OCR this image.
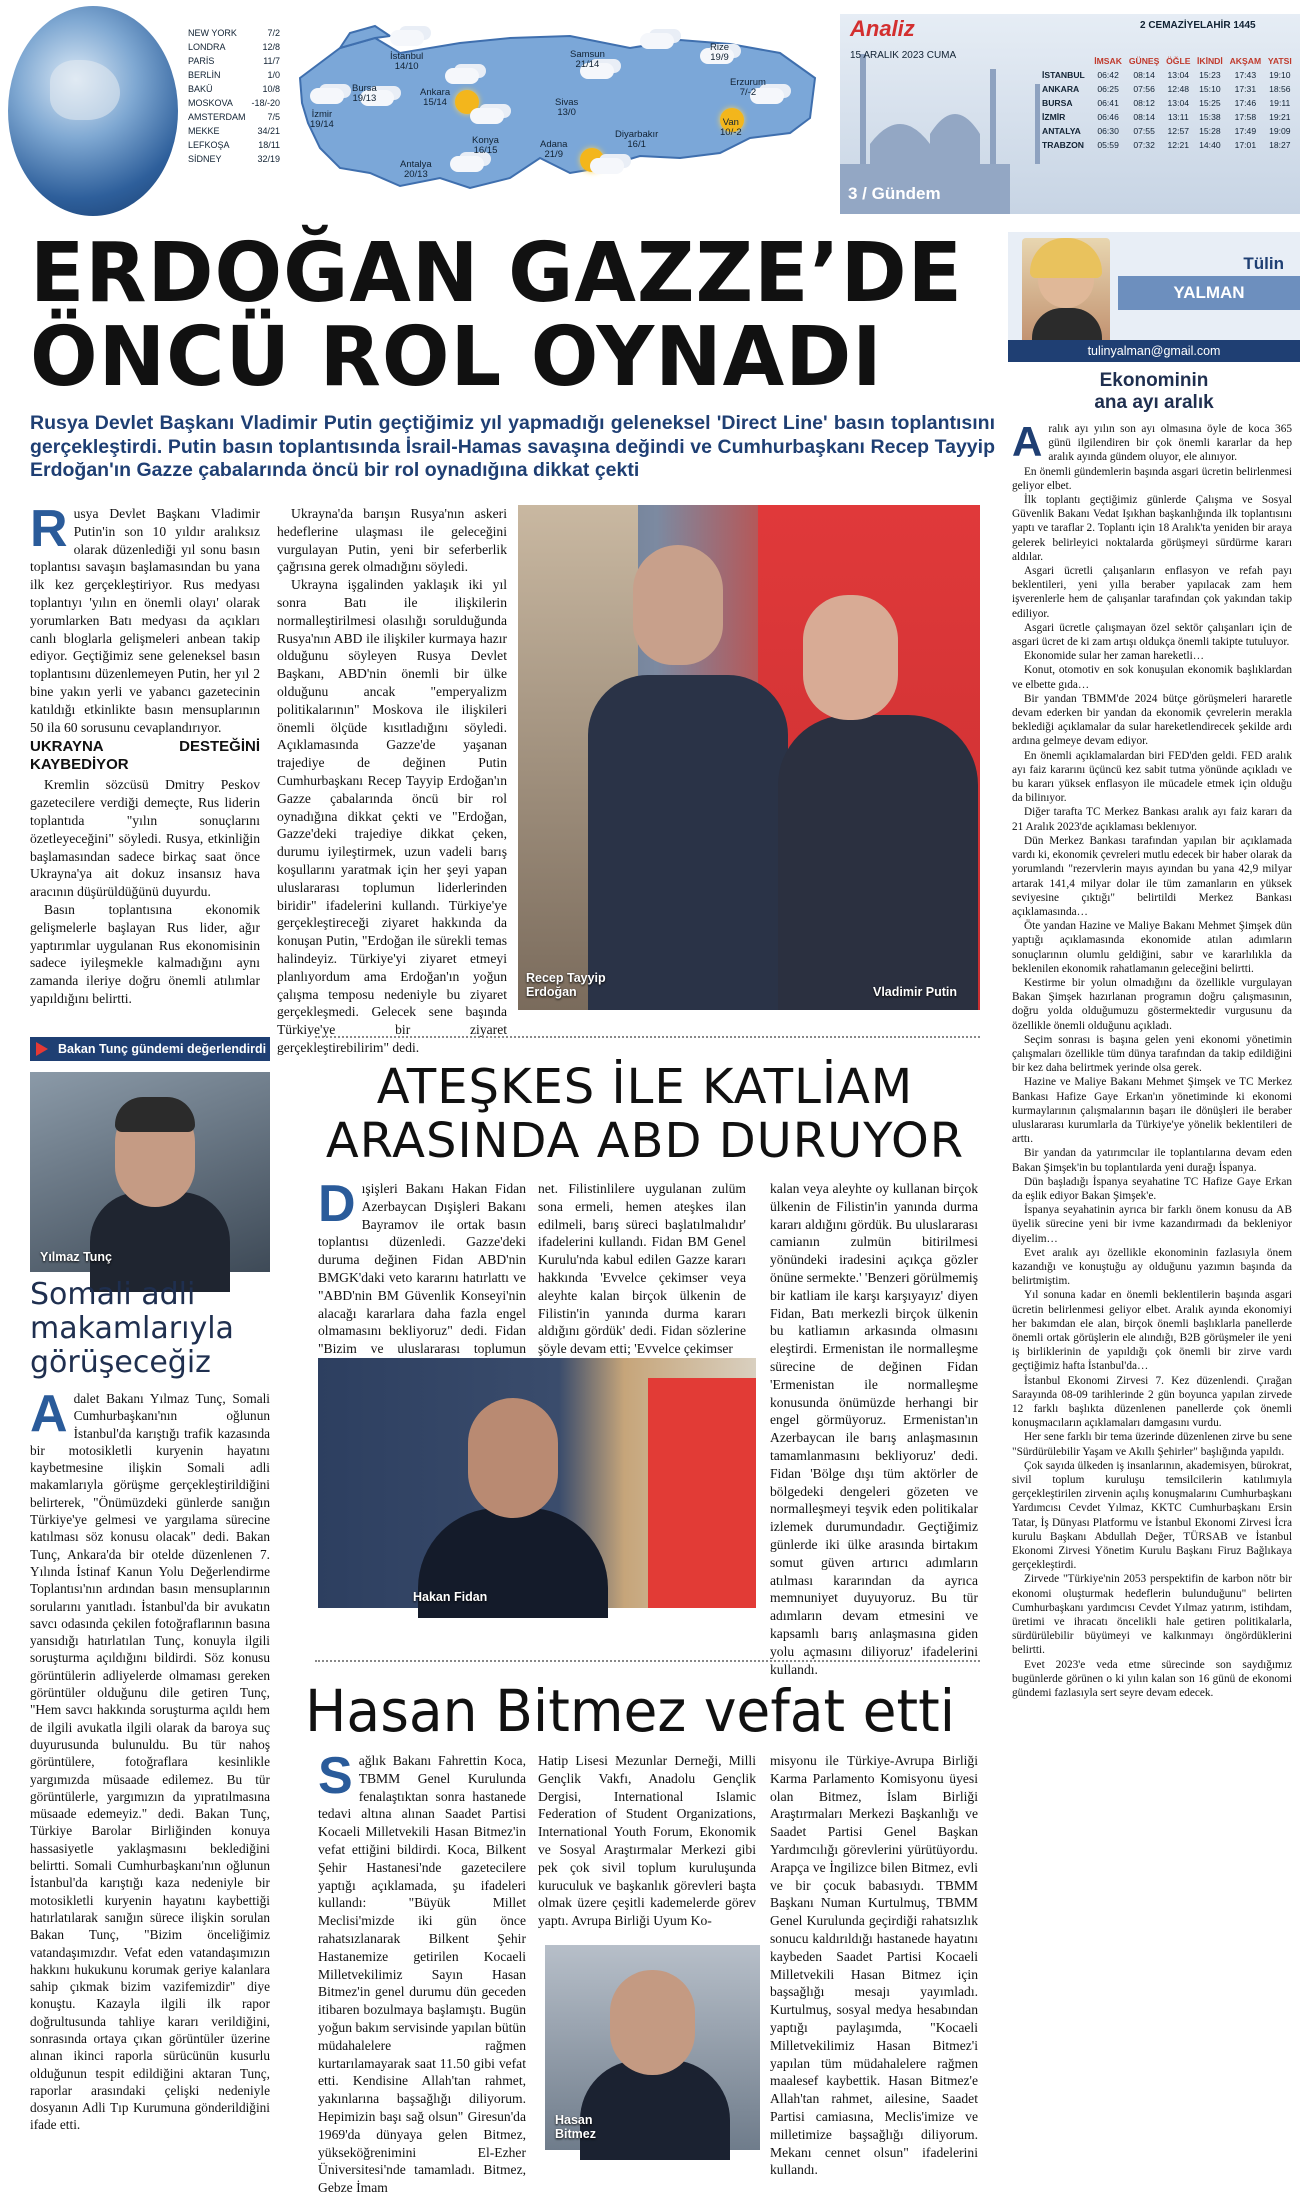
NEW YORK	7/2
LONDRA	12/8
PARİS	11/7
BERLİN	1/0
BAKÜ	10/8
MOSKOVA	-18/-20
AMSTERDAM	7/5
MEKKE	34/21
LEFKOŞA	18/11
SİDNEY	32/19
İstanbul
14/10
Bursa
19/13
Ankara
15/14
Samsun
21/14
Rize
19/9
Erzurum
7/-2
İzmir
19/14
Sivas
13/0
Konya
16/15
Adana
21/9
Diyarbakır
16/1
Van
10/-2
Antalya
20/13
Analiz
15 ARALIK 2023 CUMA
3 / Gündem
2 CEMAZİYELAHİR 1445
	İMSAK	GÜNEŞ	ÖĞLE	İKİNDİ	AKŞAM	YATSI
İSTANBUL	06:42	08:14	13:04	15:23	17:43	19:10
ANKARA	06:25	07:56	12:48	15:10	17:31	18:56
BURSA	06:41	08:12	13:04	15:25	17:46	19:11
İZMİR	06:46	08:14	13:11	15:38	17:58	19:21
ANTALYA	06:30	07:55	12:57	15:28	17:49	19:09
TRABZON	05:59	07:32	12:21	14:40	17:01	18:27
ERDOĞAN GAZZE’DE
ÖNCÜ ROL OYNADI
Rusya Devlet Başkanı Vladimir Putin geçtiğimiz yıl yapmadığı geleneksel 'Direct Line' basın toplantısını gerçekleştirdi. Putin basın toplantısında İsrail-Hamas savaşına değindi ve Cumhurbaşkanı Recep Tayyip Erdoğan'ın Gazze çabalarında öncü bir rol oynadığına dikkat çekti
Rusya Devlet Başkanı Vladimir Putin'in son 10 yıldır aralıksız olarak düzenlediği yıl sonu basın toplantısı savaşın başlamasından bu yana ilk kez gerçekleştiriyor. Rus medyası toplantıyı 'yılın en önemli olayı' olarak yorumlarken Batı medyası da açıkları canlı bloglarla gelişmeleri anbean takip ediyor. Geçtiğimiz sene geleneksel basın toplantısını düzenlemeyen Putin, her yıl 2 bine yakın yerli ve yabancı gazetecinin katıldığı etkinlikte basın mensuplarının 50 ila 60 sorusunu cevaplandırıyor.
UKRAYNA DESTEĞİNİ KAYBEDİYOR

Kremlin sözcüsü Dmitry Peskov gazetecilere verdiği demeçte, Rus liderin toplantıda "yılın sonuçlarını özetleyeceğini" söyledi. Rusya, etkinliğin başlamasından sadece birkaç saat önce Ukrayna'ya ait dokuz insansız hava aracının düşürüldüğünü duyurdu.

Basın toplantısına ekonomik gelişmelerle başlayan Rus lider, ağır yaptırımlar uygulanan Rus ekonomisinin sadece iyileşmekle kalmadığını aynı zamanda ileriye doğru önemli atılımlar yapıldığını belirtti.

Ukrayna'da barışın Rusya'nın askeri hedeflerine ulaşması ile geleceğini vurgulayan Putin, yeni bir seferberlik çağrısına gerek olmadığını söyledi.

Ukrayna işgalinden yaklaşık iki yıl sonra Batı ile ilişkilerin normalleştirilmesi olasılığı sorulduğunda Rusya'nın ABD ile ilişkiler kurmaya hazır olduğunu söyleyen Rusya Devlet Başkanı, ABD'nin önemli bir ülke olduğunu ancak "emperyalizm politikalarının" Moskova ile ilişkileri önemli ölçüde kısıtladığını söyledi. Açıklamasında Gazze'de yaşanan trajediye de değinen Putin Cumhurbaşkanı Recep Tayyip Erdoğan'ın Gazze çabalarında öncü bir rol oynadığına dikkat çekti ve "Erdoğan, Gazze'deki trajediye dikkat çeken, durumu iyileştirmek, uzun vadeli barış koşullarını yaratmak için her şeyi yapan uluslararası toplumun liderlerinden biridir" ifadelerini kullandı. Türkiye'ye gerçekleştireceği ziyaret hakkında da konuşan Putin, "Erdoğan ile sürekli temas halindeyiz. Türkiye'yi ziyaret etmeyi planlıyordum ama Erdoğan'ın yoğun çalışma temposu nedeniyle bu ziyaret gerçekleşmedi. Gelecek sene başında Türkiye'ye bir ziyaret gerçekleştirebilirim" dedi.

Recep Tayyip Erdoğan	Vladimir Putin
Bakan Tunç gündemi değerlendirdi
Yılmaz Tunç
Somali adli makamlarıyla görüşeceğiz
Adalet Bakanı Yılmaz Tunç, Somali Cumhurbaşkanı'nın oğlunun İstanbul'da karıştığı trafik kazasında bir motosikletli kuryenin hayatını kaybetmesine ilişkin Somali adli makamlarıyla görüşme gerçekleştirildiğini belirterek, "Önümüzdeki günlerde sanığın Türkiye'ye gelmesi ve yargılama sürecine katılması söz konusu olacak" dedi. Bakan Tunç, Ankara'da bir otelde düzenlenen 7. Yılında İstinaf Kanun Yolu Değerlendirme Toplantısı'nın ardından basın mensuplarının sorularını yanıtladı. İstanbul'da bir avukatın savcı odasında çekilen fotoğraflarının basına yansıdığı hatırlatılan Tunç, konuyla ilgili soruşturma açıldığını bildirdi. Söz konusu görüntülerin adliyelerde olmaması gereken görüntüler olduğunu dile getiren Tunç, "Hem savcı hakkında soruşturma açıldı hem de ilgili avukatla ilgili olarak da baroya suç duyurusunda bulunuldu. Bu tür nahoş görüntülere, fotoğraflara kesinlikle yargımızda müsaade edilemez. Bu tür görüntülerle, yargımızın da yıpratılmasına müsaade edemeyiz." dedi. Bakan Tunç, Türkiye Barolar Birliğinden konuya hassasiyetle yaklaşmasını beklediğini belirtti. Somali Cumhurbaşkanı'nın oğlunun İstanbul'da karıştığı kaza nedeniyle bir motosikletli kuryenin hayatını kaybettiği hatırlatılarak sanığın sürece ilişkin sorulan Bakan Tunç, "Bizim önceliğimiz vatandaşımızdır. Vefat eden vatandaşımızın hakkını hukukunu korumak geriye kalanlara sahip çıkmak bizim vazifemizdir" diye konuştu. Kazayla ilgili ilk rapor doğrultusunda tahliye kararı verildiğini, sonrasında ortaya çıkan görüntüler üzerine alınan ikinci raporla sürücünün kusurlu olduğunun tespit edildiğini aktaran Tunç, raporlar arasındaki çelişki nedeniyle dosyanın Adli Tıp Kurumuna gönderildiğini ifade etti.
ATEŞKES İLE KATLİAM
ARASINDA ABD DURUYOR
Dışişleri Bakanı Hakan Fidan Azerbaycan Dışişleri Bakanı Bayramov ile ortak basın toplantısı düzenledi. Gazze'deki duruma değinen Fidan ABD'nin BMGK'daki veto kararını hatırlattı ve "ABD'nin BM Güvenlik Konseyi'nin alacağı kararlara daha fazla engel olmamasını bekliyoruz" dedi. Fidan "Bizim ve uluslararası toplumun
net. Filistinlilere uygulanan zulüm sona ermeli, hemen ateşkes ilan edilmeli, barış süreci başlatılmalıdır' ifadelerini kullandı. Fidan BM Genel Kurulu'nda kabul edilen Gazze kararı hakkında 'Evvelce çekimser veya aleyhte kalan birçok ülkenin de Filistin'in yanında durma kararı aldığını gördük' dedi. Fidan sözlerine şöyle devam etti; 'Evvelce çekimser
kalan veya aleyhte oy kullanan birçok ülkenin de Filistin'in yanında durma kararı aldığını gördük. Bu uluslararası camianın zulmün bitirilmesi yönündeki iradesini açıkça gözler önüne sermekte.' 'Benzeri görülmemiş bir katliam ile karşı karşıyayız' diyen Fidan, Batı merkezli birçok ülkenin bu katliamın arkasında olmasını eleştirdi. Ermenistan ile normalleşme sürecine de değinen Fidan 'Ermenistan ile normalleşme konusunda önümüzde herhangi bir engel görmüyoruz. Ermenistan'ın Azerbaycan ile barış anlaşmasının tamamlanmasını bekliyoruz' dedi. Fidan 'Bölge dışı tüm aktörler de bölgedeki dengeleri gözeten ve normalleşmeyi teşvik eden politikalar izlemek durumundadır. Geçtiğimiz günlerde iki ülke arasında birtakım somut güven artırıcı adımların atılması kararından da ayrıca memnuniyet duyuyoruz. Bu tür adımların devam etmesini ve kapsamlı barış anlaşmasına giden yolu açmasını diliyoruz' ifadelerini kullandı.
Hakan Fidan
Hasan Bitmez vefat etti
Sağlık Bakanı Fahrettin Koca, TBMM Genel Kurulunda fenalaştıktan sonra hastanede tedavi altına alınan Saadet Partisi Kocaeli Milletvekili Hasan Bitmez'in vefat ettiğini bildirdi. Koca, Bilkent Şehir Hastanesi'nde gazetecilere yaptığı açıklamada, şu ifadeleri kullandı: "Büyük Millet Meclisi'mizde iki gün önce rahatsızlanarak Bilkent Şehir Hastanemize getirilen Kocaeli Milletvekilimiz Sayın Hasan Bitmez'in genel durumu dün geceden itibaren bozulmaya başlamıştı. Bugün yoğun bakım servisinde yapılan bütün müdahalelere rağmen kurtarılamayarak saat 11.50 gibi vefat etti. Kendisine Allah'tan rahmet, yakınlarına başsağlığı diliyorum. Hepimizin başı sağ olsun" Giresun'da 1969'da dünyaya gelen Bitmez, yükseköğrenimini El-Ezher Üniversitesi'nde tamamladı. Bitmez, Gebze İmam
Hatip Lisesi Mezunlar Derneği, Milli Gençlik Vakfı, Anadolu Gençlik Dergisi, International Islamic Federation of Student Organizations, International Youth Forum, Ekonomik ve Sosyal Araştırmalar Merkezi gibi pek çok sivil toplum kuruluşunda kuruculuk ve başkanlık görevleri başta olmak üzere çeşitli kademelerde görev yaptı. Avrupa Birliği Uyum Ko-
misyonu ile Türkiye-Avrupa Birliği Karma Parlamento Komisyonu üyesi olan Bitmez, İslam Birliği Araştırmaları Merkezi Başkanlığı ve Saadet Partisi Genel Başkan Yardımcılığı görevlerini yürütüyordu. Arapça ve İngilizce bilen Bitmez, evli ve bir çocuk babasıydı. TBMM Başkanı Numan Kurtulmuş, TBMM Genel Kurulunda geçirdiği rahatsızlık sonucu kaldırıldığı hastanede hayatını kaybeden Saadet Partisi Kocaeli Milletvekili Hasan Bitmez için başsağlığı mesajı yayımladı. Kurtulmuş, sosyal medya hesabından yaptığı paylaşımda, "Kocaeli Milletvekilimiz Hasan Bitmez'i yapılan tüm müdahalelere rağmen maalesef kaybettik. Hasan Bitmez'e Allah'tan rahmet, ailesine, Saadet Partisi camiasına, Meclis'imize ve milletimize başsağlığı diliyorum. Mekanı cennet olsun" ifadelerini kullandı.
Hasan Bitmez
Tülin
YALMAN
tulinyalman@gmail.com
Ekonominin
ana ayı aralık
A ralık ayı yılın son ayı olmasına öyle de koca 365 günü ilgilendiren bir çok önemli kararlar da hep aralık ayında gündem oluyor, ele alınıyor.

En önemli gündemlerin başında asgari ücretin belirlenmesi geliyor elbet.

İlk toplantı geçtiğimiz günlerde Çalışma ve Sosyal Güvenlik Bakanı Vedat Işıkhan başkanlığında ilk toplantısını yaptı ve taraflar 2. Toplantı için 18 Aralık'ta yeniden bir araya gelerek belirleyici noktalarda görüşmeyi sürdürme kararı aldılar.

Asgari ücretli çalışanların enflasyon ve refah payı beklentileri, yeni yılla beraber yapılacak zam hem işverenlerle hem de çalışanlar tarafından çok yakından takip ediliyor.

Asgari ücretle çalışmayan özel sektör çalışanları için de asgari ücret de ki zam artışı oldukça önemli takipte tutuluyor.

Ekonomide sular her zaman hareketli…

Konut, otomotiv en sok konuşulan ekonomik başlıklardan ve elbette gıda…

Bir yandan TBMM'de 2024 bütçe görüşmeleri hararetle devam ederken bir yandan da ekonomik çevrelerin merakla beklediği açıklamalar da sular hareketlendirecek şekilde ardı ardına gelmeye devam ediyor.

En önemli açıklamalardan biri FED'den geldi. FED aralık ayı faiz kararını üçüncü kez sabit tutma yönünde açıkladı ve bu kararı yüksek enflasyon ile mücadele etmek için olduğu da bilinıyor.

Diğer tarafta TC Merkez Bankası aralık ayı faiz kararı da 21 Aralık 2023'de açıklaması beklenıyor.

Dün Merkez Bankası tarafından yapılan bir açıklamada vardı ki, ekonomik çevreleri mutlu edecek bir haber olarak da yorumlandı "rezervlerin mayıs ayından bu yana 42,9 milyar artarak 141,4 milyar dolar ile tüm zamanların en yüksek seviyesine çıktığı" belirtildi Merkez Bankası açıklamasında…

Öte yandan Hazine ve Maliye Bakanı Mehmet Şimşek dün yaptığı açıklamasında ekonomide atılan adımların sonuçlarının olumlu geldiğini, sabır ve kararlılıkla da beklenilen ekonomik rahatlamanın geleceğini belirtti.

Kestirme bir yolun olmadığını da özellikle vurgulayan Bakan Şimşek hazırlanan programın doğru çalışmasının, doğru yolda olduğumuzu göstermektedir vurgusunu da özellikle önemli olduğunu açıkladı.

Seçim sonrası is başına gelen yeni ekonomi yönetimin çalışmaları özellikle tüm dünya tarafından da takip edildiğini bir kez daha belirtmek yerinde olsa gerek.

Hazine ve Maliye Bakanı Mehmet Şimşek ve TC Merkez Bankası Hafize Gaye Erkan'ın yönetiminde ki ekonomi kurmaylarının çalışmalarının başarı ile dönüşleri ile beraber uluslararası kurumlarla da Türkiye'ye yönelik beklentileri de arttı.

Bir yandan da yatırımcılar ile toplantılarına devam eden Bakan Şimşek'in bu toplantılarda yeni durağı İspanya.

Dün başladığı İspanya seyahatine TC Hafize Gaye Erkan da eşlik ediyor Bakan Şimşek'e.

İspanya seyahatinin ayrıca bir farklı önem konusu da AB üyelik sürecine yeni bir ivme kazandırmadı da bekleniyor diyelim…

Evet aralık ayı özellikle ekonominin fazlasıyla önem kazandığı ve konuştuğu ay olduğunu yazımın başında da belirtmiştim.

Yıl sonuna kadar en önemli beklentilerin başında asgari ücretin belirlenmesi geliyor elbet. Aralık ayında ekonomiyi her bakımdan ele alan, birçok önemli başlıklarla panellerde önemli ortak görüşlerin ele alındığı, B2B görüşmeler ile yeni iş birliklerinin de yapıldığı çok önemli bir zirve vardı geçtiğimiz hafta İstanbul'da…

İstanbul Ekonomi Zirvesi 7. Kez düzenlendi. Çırağan Sarayında 08-09 tarihlerinde 2 gün boyunca yapılan zirvede 12 farklı başlıkta düzenlenen panellerde çok önemli konuşmacıların açıklamaları damgasını vurdu.

Her sene farklı bir tema üzerinde düzenlenen zirve bu sene "Sürdürülebilir Yaşam ve Akıllı Şehirler" başlığında yapıldı.

Çok sayıda ülkeden iş insanlarının, akademisyen, bürokrat, sivil toplum kuruluşu temsilcilerin katılımıyla gerçekleştirilen zirvenin açılış konuşmalarını Cumhurbaşkanı Yardımcısı Cevdet Yılmaz, KKTC Cumhurbaşkanı Ersin Tatar, İş Dünyası Platformu ve İstanbul Ekonomi Zirvesi İcra kurulu Başkanı Abdullah Değer, TÜRSAB ve İstanbul Ekonomi Zirvesi Yönetim Kurulu Başkanı Firuz Bağlıkaya gerçekleştirdi.

Zirvede "Türkiye'nin 2053 perspektifin de karbon nötr bir ekonomi oluşturmak hedeflerin bulunduğunu" belirten Cumhurbaşkanı yardımcısı Cevdet Yılmaz yatırım, istihdam, üretimi ve ihracatı öncelikli hale getiren politikalarla, sürdürülebilir büyümeyi ve kalkınmayı öngördüklerini belirtti.

Evet 2023'e veda etme sürecinde son saydığımız bugünlerde görünen o ki yılın kalan son 16 günü de ekonomi gündemi fazlasıyla sert seyre devam edecek.
